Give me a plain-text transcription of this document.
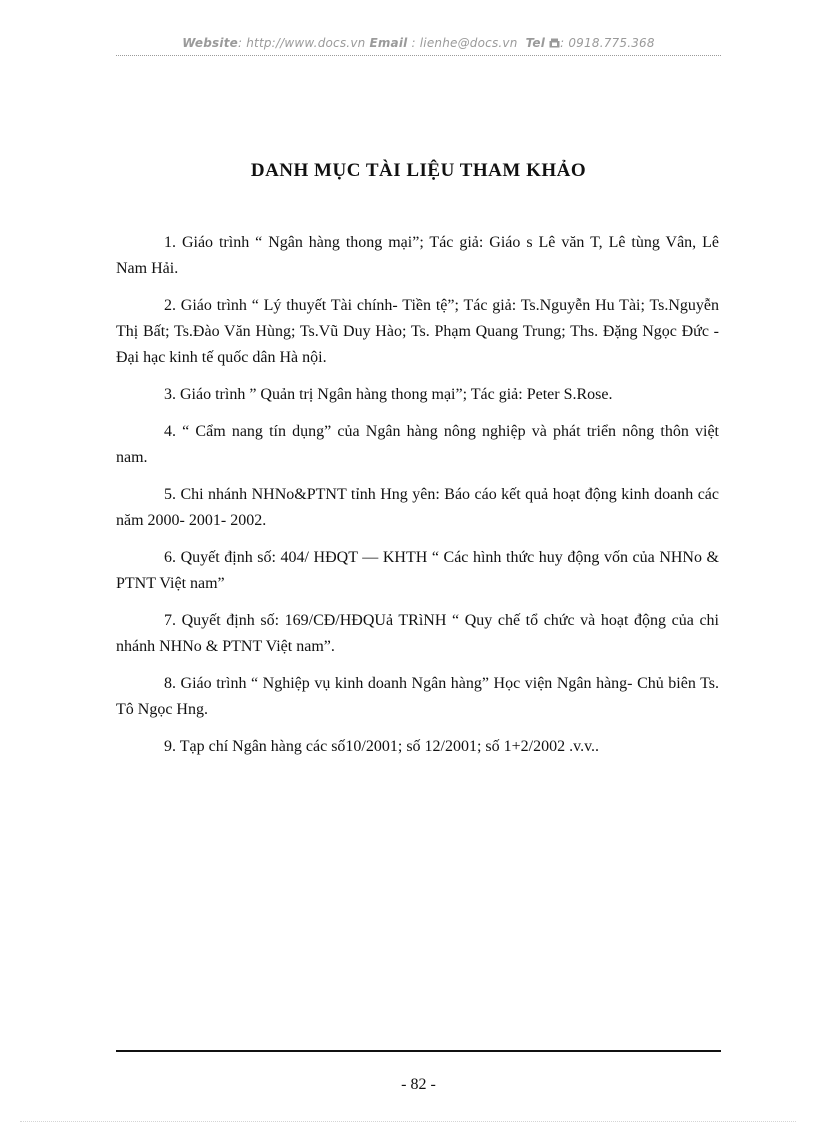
Website: http://www.docs.vn Email : lienhe@docs.vn Tel : 0918.775.368
DANH MỤC TÀI LIỆU THAM KHẢO

1. Giáo trình “ Ngân hàng thong mại”; Tác giả: Giáo s Lê văn T, Lê tùng Vân, Lê Nam Hải.

2. Giáo trình “ Lý thuyết Tài chính- Tiền tệ”; Tác giả: Ts.Nguyễn Hu Tài; Ts.Nguyễn Thị Bất; Ts.Đào Văn Hùng; Ts.Vũ Duy Hào; Ts. Phạm Quang Trung; Ths. Đặng Ngọc Đức - Đại hạc kinh tế quốc dân Hà nội.

3. Giáo trình ” Quản trị Ngân hàng thong mại”; Tác giả: Peter S.Rose.

4. “ Cẩm nang tín dụng” của Ngân hàng nông nghiệp và phát triển nông thôn việt nam.

5. Chi nhánh NHNo&PTNT tỉnh Hng yên: Báo cáo kết quả hoạt động kinh doanh các năm 2000- 2001- 2002.

6. Quyết định số: 404/ HĐQT — KHTH “ Các hình thức huy động vốn của NHNo & PTNT Việt nam”

7. Quyết định số: 169/CĐ/HĐQUả TRìNH “ Quy chế tổ chức và hoạt động của chi nhánh NHNo & PTNT Việt nam”.

8. Giáo trình “ Nghiệp vụ kinh doanh Ngân hàng” Học viện Ngân hàng- Chủ biên Ts. Tô Ngọc Hng.

9. Tạp chí Ngân hàng các số10/2001; số 12/2001; số 1+2/2002 .v.v..

- 82 -
